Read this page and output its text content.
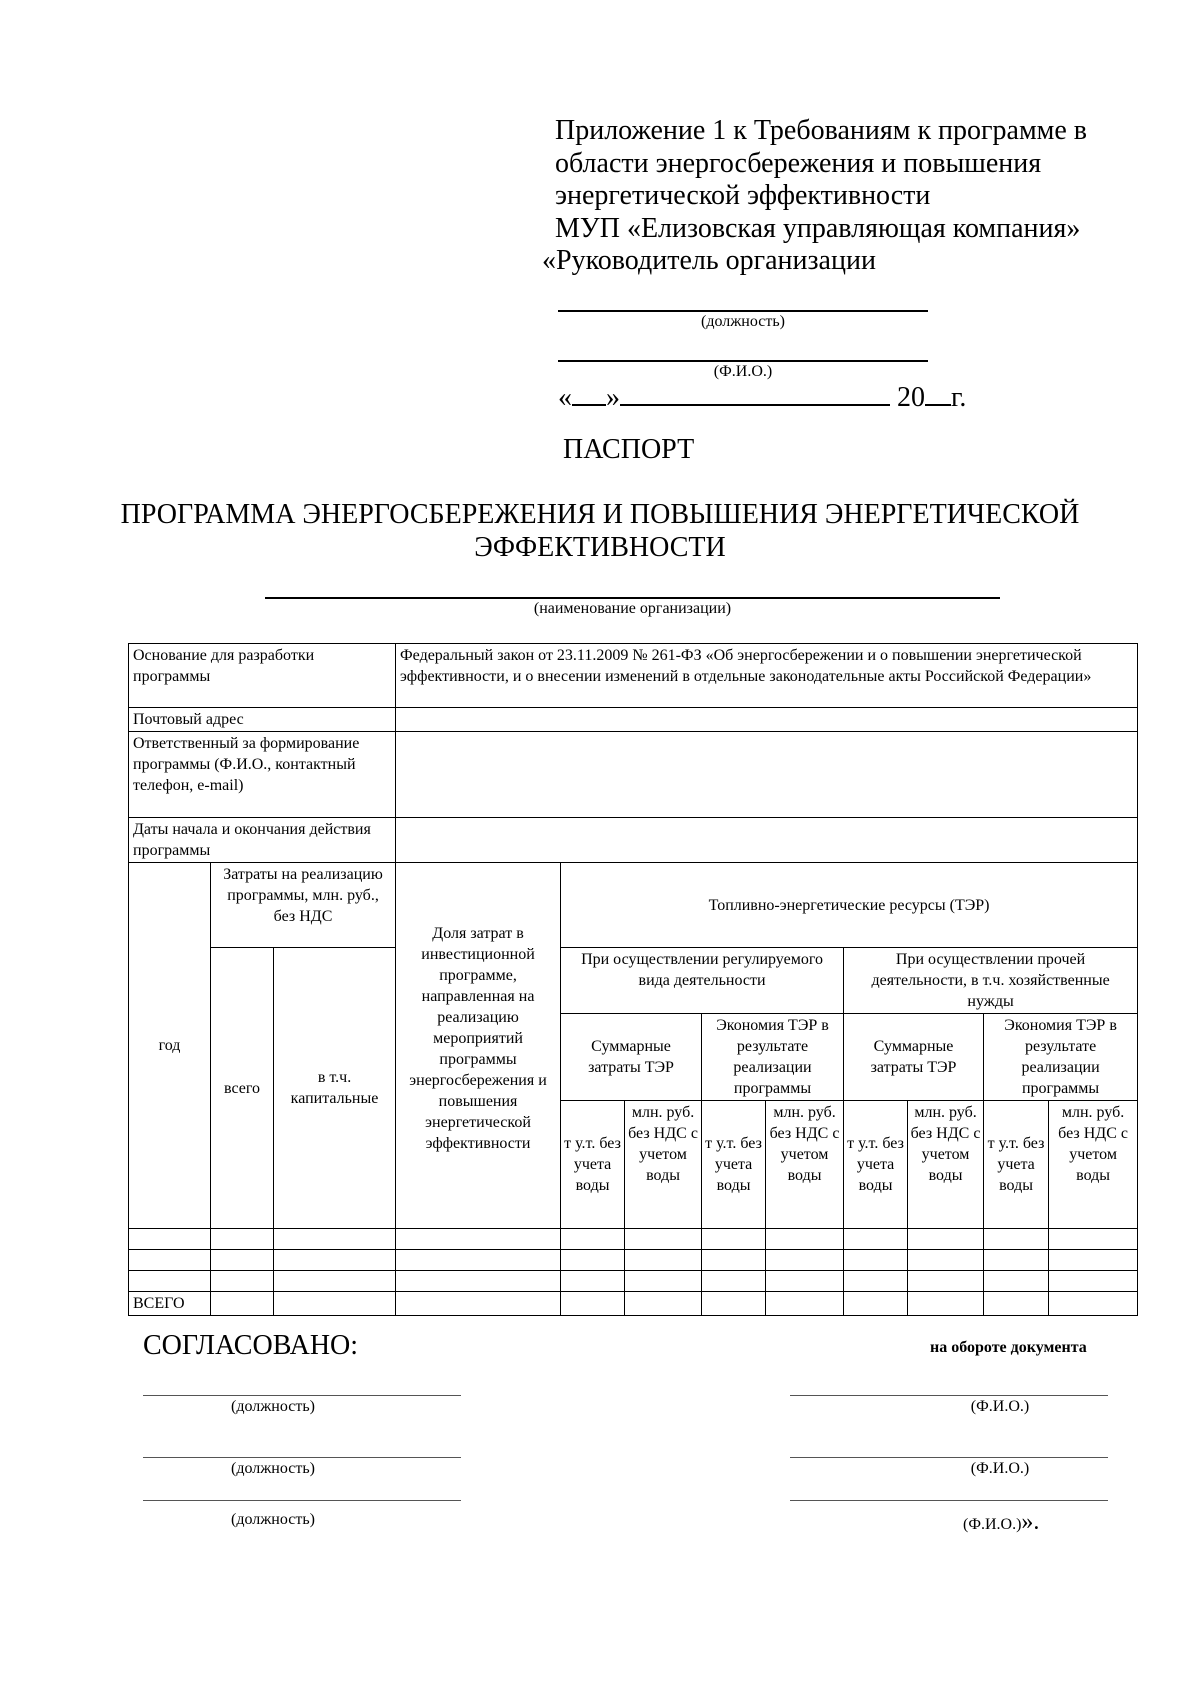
Приложение 1 к Требованиям к программе в
области энергосбережения и повышения
энергетической эффективности
МУП «Елизовская управляющая компания»
«Руководитель организации
(должность)
(Ф.И.О.)
« »	20 г.
ПАСПОРТ
ПРОГРАММА ЭНЕРГОСБЕРЕЖЕНИЯ И ПОВЫШЕНИЯ ЭНЕРГЕТИЧЕСКОЙ ЭФФЕКТИВНОСТИ
(наименование организации)
Основание для разработки программы			Федеральный закон от 23.11.2009 № 261-ФЗ «Об энергосбережении и о повышении энергетической эффективности, и о внесении изменений в отдельные законодательные акты Российской Федерации»								
Почтовый адрес											
Ответственный за формирование программы (Ф.И.О., контактный телефон, e-mail)											
Даты начала и окончания действия программы											
год	Затраты на реализацию программы, млн. руб., без НДС		Доля затрат в инвестиционной программе, направленная на реализацию мероприятий программы энергосбережения и повышения энергетической эффективности	Топливно-энергетические ресурсы (ТЭР)							
	всего	в т.ч. капитальные		При осуществлении регулируемого вида деятельности				При осуществлении прочей деятельности, в т.ч. хозяйственные нужды			
				Суммарные затраты ТЭР		Экономия ТЭР в результате реализации программы		Суммарные затраты ТЭР		Экономия ТЭР в результате реализации программы	
				т у.т. без учета воды	млн. руб. без НДС с учетом воды	т у.т. без учета воды	млн. руб. без НДС с учетом воды	т у.т. без учета воды	млн. руб. без НДС с учетом воды	т у.т. без учета воды	млн. руб. без НДС с учетом воды

ВСЕГО											
СОГЛАСОВАНО:	на обороте документа
(должность)	(Ф.И.О.)
(должность)	(Ф.И.О.)
(должность)	(Ф.И.О.)».
